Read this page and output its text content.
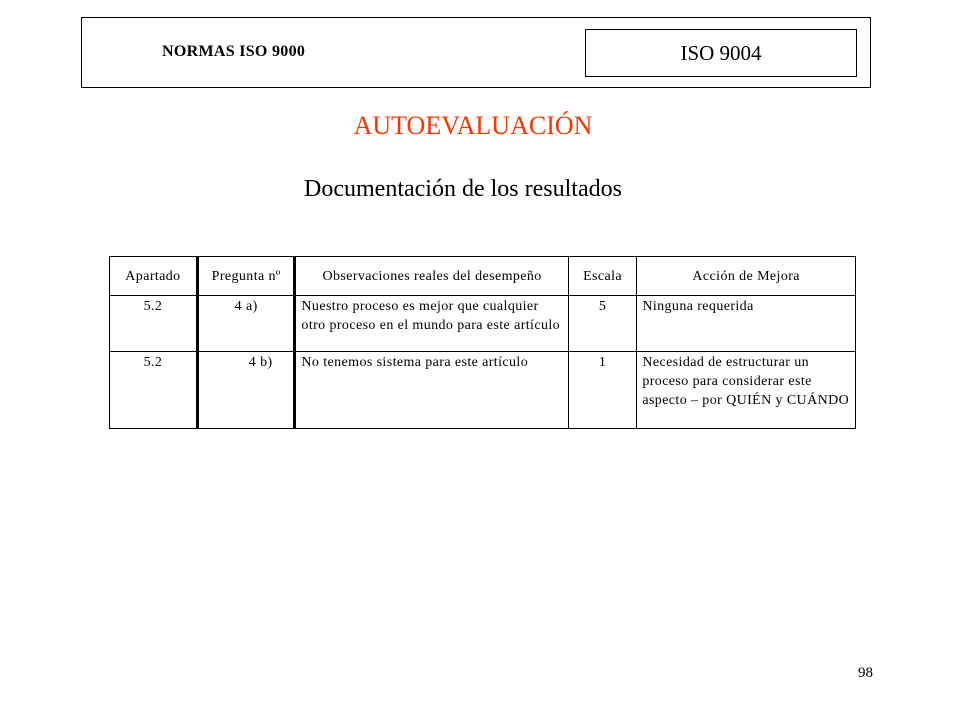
NORMAS ISO 9000	ISO 9004
AUTOEVALUACIÓN
Documentación de los resultados
Apartado	Pregunta nº	Observaciones reales del desempeño	Escala	Acción de Mejora
5.2	4 a)	Nuestro proceso es mejor que cualquier otro proceso en el mundo para este artículo	5	Ninguna requerida
5.2	4 b)	No tenemos sistema para este artículo	1	Necesidad de estructurar un proceso para considerar este aspecto – por QUIÉN y CUÁNDO
98
